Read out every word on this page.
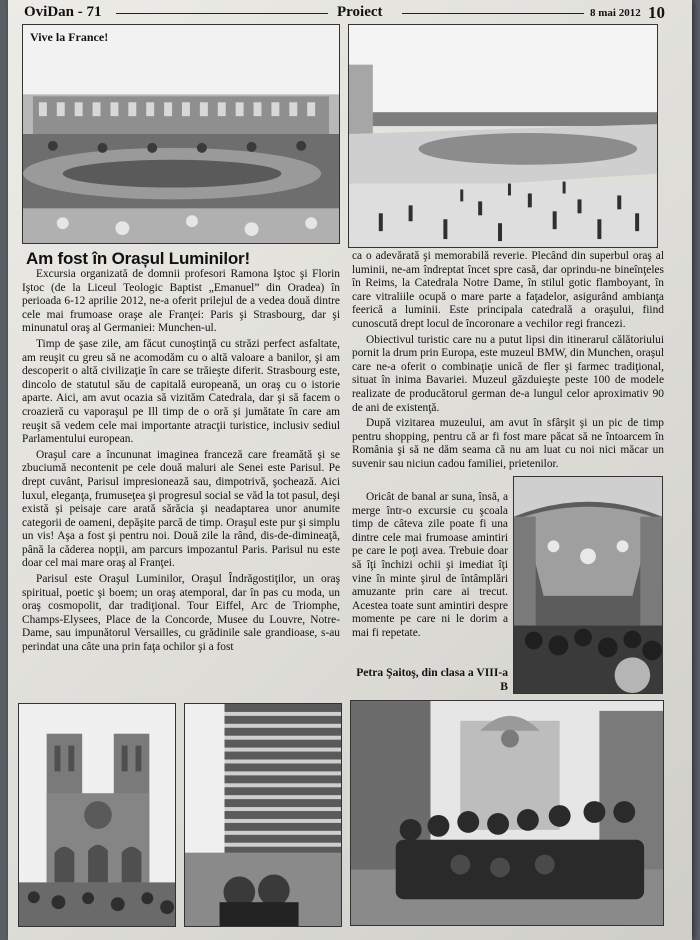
OviDan - 71	Proiect	8 mai 2012 10
Vive la France!
Am fost în Orașul Luminilor!

Excursia organizată de domnii profesori Ramona Iştoc şi Florin Iştoc (de la Liceul Teologic Baptist „Emanuel” din Oradea) în perioada 6-12 aprilie 2012, ne-a oferit prilejul de a vedea două dintre cele mai frumoase oraşe ale Franţei: Paris şi Strasbourg, dar şi minunatul oraş al Germaniei: Munchen-ul.

Timp de şase zile, am făcut cunoştinţă cu străzi perfect asfaltate, am reuşit cu greu să ne acomodăm cu o altă valoare a banilor, şi am descoperit o altă civilizaţie în care se trăieşte diferit. Strasbourg este, dincolo de statutul său de capitală europeană, un oraş cu o istorie aparte. Aici, am avut ocazia să vizităm Catedrala, dar şi să facem o croazieră cu vaporaşul pe Ill timp de o oră şi jumătate în care am reuşit să vedem cele mai importante atracţii turistice, inclusiv sediul Parlamentului european.

Oraşul care a încununat imaginea franceză care freamătă şi se zbuciumă necontenit pe cele două maluri ale Senei este Parisul. Pe drept cuvânt, Parisul impresionează sau, dimpotrivă, şochează. Aici luxul, eleganţa, frumuseţea şi progresul social se văd la tot pasul, deşi există şi peisaje care arată sărăcia şi neadaptarea unor anumite categorii de oameni, depăşite parcă de timp. Oraşul este pur şi simplu un vis! Aşa a fost şi pentru noi. Două zile la rând, dis-de-dimineaţă, până la căderea nopţii, am parcurs impozantul Paris. Parisul nu este doar cel mai mare oraş al Franţei.

Parisul este Oraşul Luminilor, Oraşul Îndrăgostiţilor, un oraş spiritual, poetic şi boem; un oraş atemporal, dar în pas cu moda, un oraş cosmopolit, dar tradiţional. Tour Eiffel, Arc de Triomphe, Champs-Elysees, Place de la Concorde, Musee du Louvre, Notre-Dame, sau impunătorul Versailles, cu grădinile sale grandioase, s-au perindat una câte una prin faţa ochilor şi a fost

ca o adevărată şi memorabilă reverie. Plecând din superbul oraş al luminii, ne-am îndreptat încet spre casă, dar oprindu-ne bineînţeles în Reims, la Catedrala Notre Dame, în stilul gotic flamboyant, în care vitraliile ocupă o mare parte a faţadelor, asigurând ambianţa feerică a luminii. Este principala catedrală a oraşului, fiind cunoscută drept locul de încoronare a vechilor regi francezi.

Obiectivul turistic care nu a putut lipsi din itinerarul călătoriului pornit la drum prin Europa, este muzeul BMW, din Munchen, oraşul care ne-a oferit o combinaţie unică de fler şi farmec tradiţional, situat în inima Bavariei. Muzeul găzduieşte peste 100 de modele realizate de producătorul german de-a lungul celor aproximativ 90 de ani de existenţă.

După vizitarea muzeului, am avut în sfârşit şi un pic de timp pentru shopping, pentru că ar fi fost mare păcat să ne întoarcem în România şi să ne dăm seama că nu am luat cu noi nici măcar un suvenir sau niciun cadou familiei, prietenilor.

Oricât de banal ar suna, însă, a merge într-o excursie cu şcoala timp de câteva zile poate fi una dintre cele mai frumoase amintiri pe care le poţi avea. Trebuie doar să îţi închizi ochii şi imediat îţi vine în minte şirul de întâmplări amuzante prin care ai trecut. Acestea toate sunt amintiri despre momente pe care ni le dorim a mai fi repetate.

Petra Şaitoş, din clasa a VIII-a B
